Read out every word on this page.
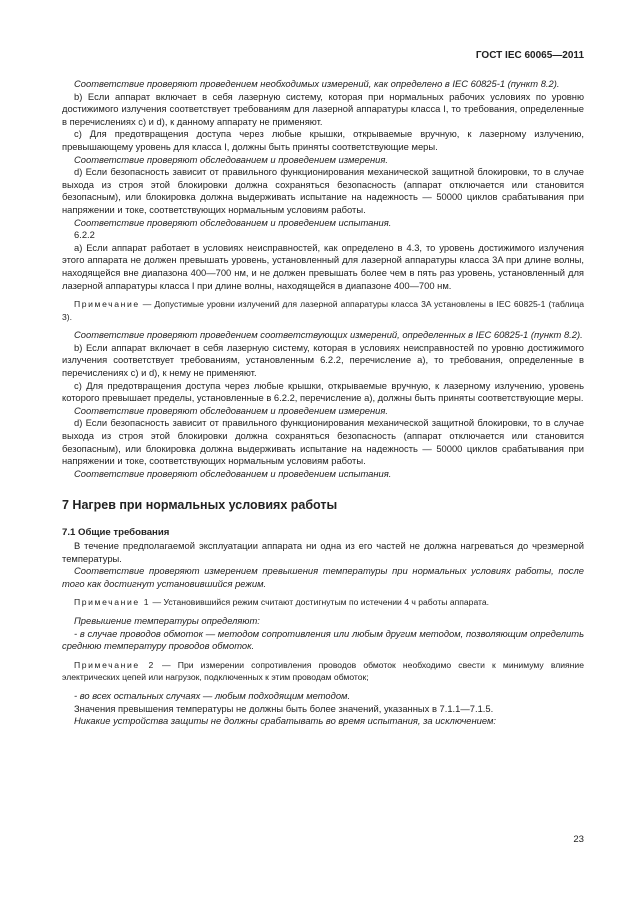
ГОСТ IEC 60065—2011

Соответствие проверяют проведением необходимых измерений, как определено в IEC 60825-1 (пункт 8.2).

b) Если аппарат включает в себя лазерную систему, которая при нормальных рабочих условиях по уровню достижимого излучения соответствует требованиям для лазерной аппаратуры класса I, то требования, определенные в перечислениях c) и d), к данному аппарату не применяют.

c) Для предотвращения доступа через любые крышки, открываемые вручную, к лазерному излучению, превышающему уровень для класса I, должны быть приняты соответствующие меры.

Соответствие проверяют обследованием и проведением измерения.

d) Если безопасность зависит от правильного функционирования механической защитной блокировки, то в случае выхода из строя этой блокировки должна сохраняться безопасность (аппарат отключается или становится безопасным), или блокировка должна выдерживать испытание на надежность — 50000 циклов срабатывания при напряжении и токе, соответствующих нормальным условиям работы.

Соответствие проверяют обследованием и проведением испытания.

6.2.2

a) Если аппарат работает в условиях неисправностей, как определено в 4.3, то уровень достижимого излучения этого аппарата не должен превышать уровень, установленный для лазерной аппаратуры класса 3A при длине волны, находящейся вне диапазона 400—700 нм, и не должен превышать более чем в пять раз уровень, установленный для лазерной аппаратуры класса I при длине волны, находящейся в диапазоне 400—700 нм.

Примечание — Допустимые уровни излучений для лазерной аппаратуры класса 3A установлены в IEC 60825-1 (таблица 3).

Соответствие проверяют проведением соответствующих измерений, определенных в IEC 60825-1 (пункт 8.2).

b) Если аппарат включает в себя лазерную систему, которая в условиях неисправностей по уровню достижимого излучения соответствует требованиям, установленным 6.2.2, перечисление a), то требования, определенные в перечислениях c) и d), к нему не применяют.

c) Для предотвращения доступа через любые крышки, открываемые вручную, к лазерному излучению, уровень которого превышает пределы, установленные в 6.2.2, перечисление a), должны быть приняты соответствующие меры.

Соответствие проверяют обследованием и проведением измерения.

d) Если безопасность зависит от правильного функционирования механической защитной блокировки, то в случае выхода из строя этой блокировки должна сохраняться безопасность (аппарат отключается или становится безопасным), или блокировка должна выдерживать испытание на надежность — 50000 циклов срабатывания при напряжении и токе, соответствующих нормальным условиям работы.

Соответствие проверяют обследованием и проведением испытания.

7 Нагрев при нормальных условиях работы
7.1 Общие требования

В течение предполагаемой эксплуатации аппарата ни одна из его частей не должна нагреваться до чрезмерной температуры.

Соответствие проверяют измерением превышения температуры при нормальных условиях работы, после того как достигнут установившийся режим.

Примечание 1 — Установившийся режим считают достигнутым по истечении 4 ч работы аппарата.

Превышение температуры определяют:

- в случае проводов обмоток — методом сопротивления или любым другим методом, позволяющим определить среднюю температуру проводов обмоток.

Примечание 2 — При измерении сопротивления проводов обмоток необходимо свести к минимуму влияние электрических цепей или нагрузок, подключенных к этим проводам обмоток;

- во всех остальных случаях — любым подходящим методом.

Значения превышения температуры не должны быть более значений, указанных в 7.1.1—7.1.5.

Никакие устройства защиты не должны срабатывать во время испытания, за исключением:

23
